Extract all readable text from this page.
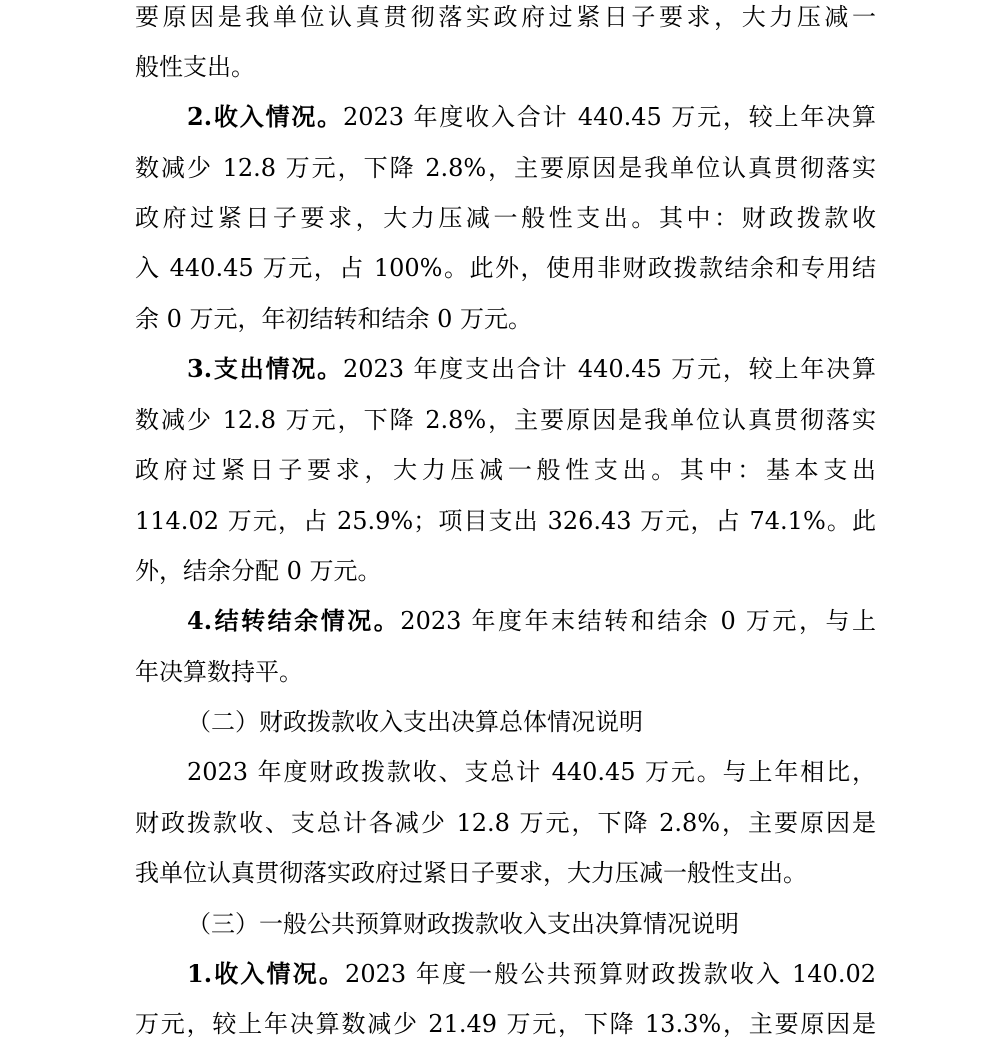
要原因是我单位认真贯彻落实政府过紧日子要求，大力压减一
般性支出。
2.收入情况。2023 年度收入合计 440.45 万元，较上年决算
数减少 12.8 万元，下降 2.8%，主要原因是我单位认真贯彻落实
政府过紧日子要求，大力压减一般性支出。其中：财政拨款收
入 440.45 万元，占 100%。此外，使用非财政拨款结余和专用结
余 0 万元，年初结转和结余 0 万元。
3.支出情况。2023 年度支出合计 440.45 万元，较上年决算
数减少 12.8 万元，下降 2.8%，主要原因是我单位认真贯彻落实
政府过紧日子要求，大力压减一般性支出。其中：基本支出
114.02 万元，占 25.9%；项目支出 326.43 万元，占 74.1%。此
外，结余分配 0 万元。
4.结转结余情况。2023 年度年末结转和结余 0 万元，与上
年决算数持平。
（二）财政拨款收入支出决算总体情况说明
2023 年度财政拨款收、支总计 440.45 万元。与上年相比，
财政拨款收、支总计各减少 12.8 万元，下降 2.8%，主要原因是
我单位认真贯彻落实政府过紧日子要求，大力压减一般性支出。
（三）一般公共预算财政拨款收入支出决算情况说明
1.收入情况。2023 年度一般公共预算财政拨款收入 140.02
万元，较上年决算数减少 21.49 万元，下降 13.3%，主要原因是
